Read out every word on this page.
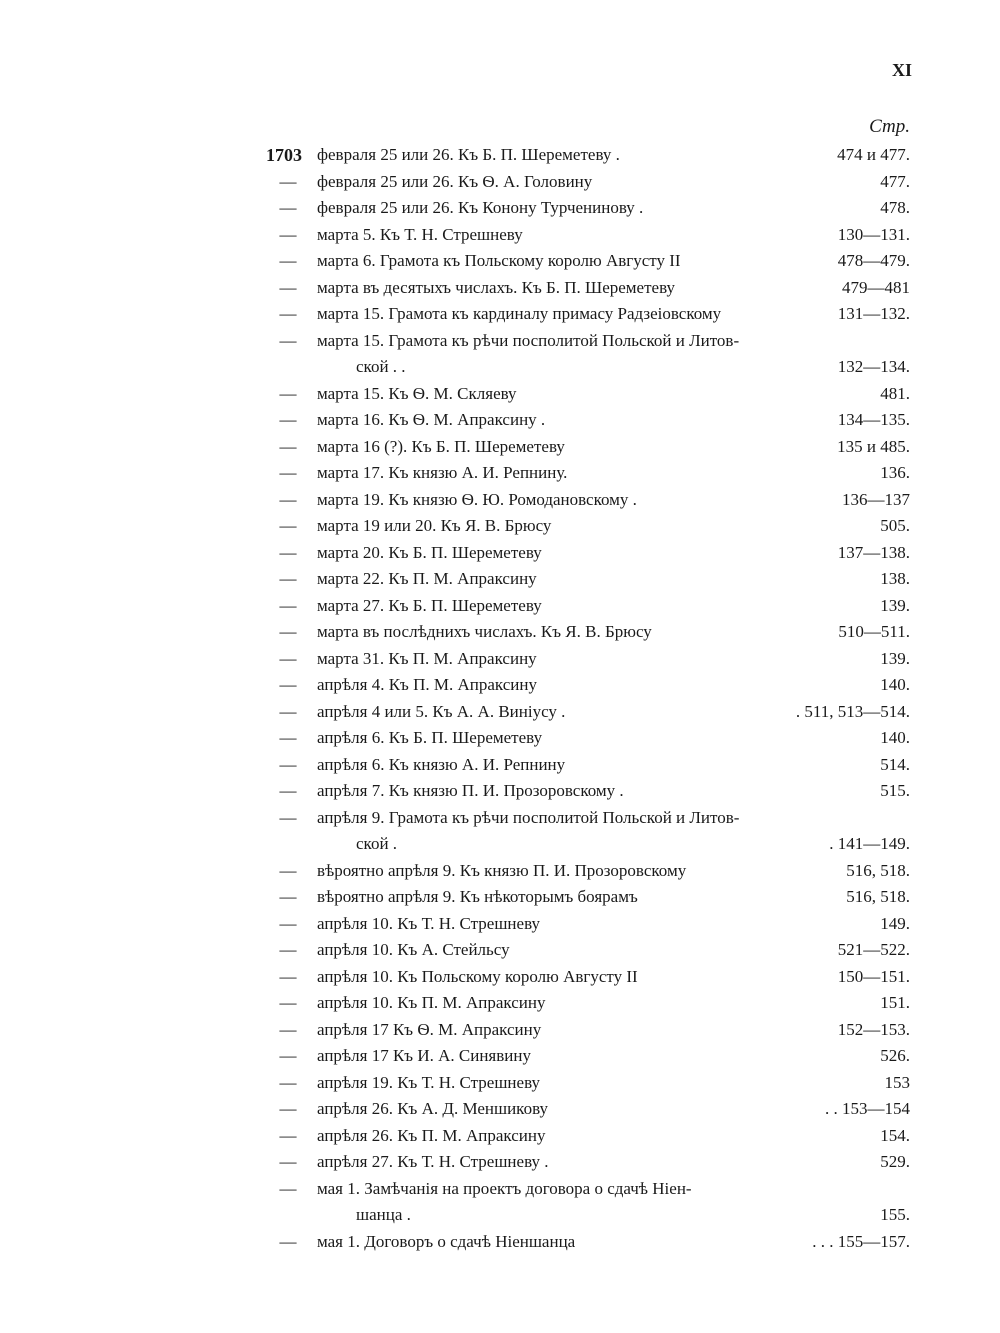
XI
Стр.
1703 февраля 25 или 26. Къ Б. П. Шереметеву .	474 и 477.
—	февраля 25 или 26. Къ Ѳ. А. Головину	477.
—	февраля 25 или 26. Къ Конону Турченинову .	478.
—	марта 5. Къ Т. Н. Стрешневу	130—131.
—	марта 6. Грамота къ Польскому королю Августу II	478—479.
—	марта въ десятыхъ числахъ. Къ Б. П. Шереметеву	479—481
—	марта 15. Грамота къ кардиналу примасу Радзеіовскому	131—132.
—	марта 15. Грамота къ рѣчи посполитой Польской и Литов-
ской . .	132—134.
—	марта 15. Къ Ѳ. М. Скляеву	481.
—	марта 16. Къ Ѳ. М. Апраксину .	134—135.
—	марта 16 (?). Къ Б. П. Шереметеву	135 и 485.
—	марта 17. Къ князю А. И. Репнину.	136.
—	марта 19. Къ князю Ѳ. Ю. Ромодановскому .	136—137
—	марта 19 или 20. Къ Я. В. Брюсу	505.
—	марта 20. Къ Б. П. Шереметеву	137—138.
—	марта 22. Къ П. М. Апраксину	138.
—	марта 27. Къ Б. П. Шереметеву	139.
—	марта въ послѣднихъ числахъ. Къ Я. В. Брюсу	510—511.
—	марта 31. Къ П. М. Апраксину	139.
—	апрѣля 4. Къ П. М. Апраксину	140.
—	апрѣля 4 или 5. Къ А. А. Виніусу .	. 511, 513—514.
—	апрѣля 6. Къ Б. П. Шереметеву	140.
—	апрѣля 6. Къ князю А. И. Репнину	514.
—	апрѣля 7. Къ князю П. И. Прозоровскому .	515.
—	апрѣля 9. Грамота къ рѣчи посполитой Польской и Литов-
ской .	. 141—149.
—	вѣроятно апрѣля 9. Къ князю П. И. Прозоровскому	516, 518.
—	вѣроятно апрѣля 9. Къ нѣкоторымъ боярамъ	516, 518.
—	апрѣля 10. Къ Т. Н. Стрешневу	149.
—	апрѣля 10. Къ А. Стейльсу	521—522.
—	апрѣля 10. Къ Польскому королю Августу II	150—151.
—	апрѣля 10. Къ П. М. Апраксину	151.
—	апрѣля 17 Къ Ѳ. М. Апраксину	152—153.
—	апрѣля 17 Къ И. А. Синявину	526.
—	апрѣля 19. Къ Т. Н. Стрешневу	153
—	апрѣля 26. Къ А. Д. Меншикову	. . 153—154
—	апрѣля 26. Къ П. М. Апраксину	154.
—	апрѣля 27. Къ Т. Н. Стрешневу .	529.
—	мая 1. Замѣчанія на проектъ договора о сдачѣ Ніен-
шанца .	155.
—	мая 1. Договоръ о сдачѣ Ніеншанца	. . . 155—157.
